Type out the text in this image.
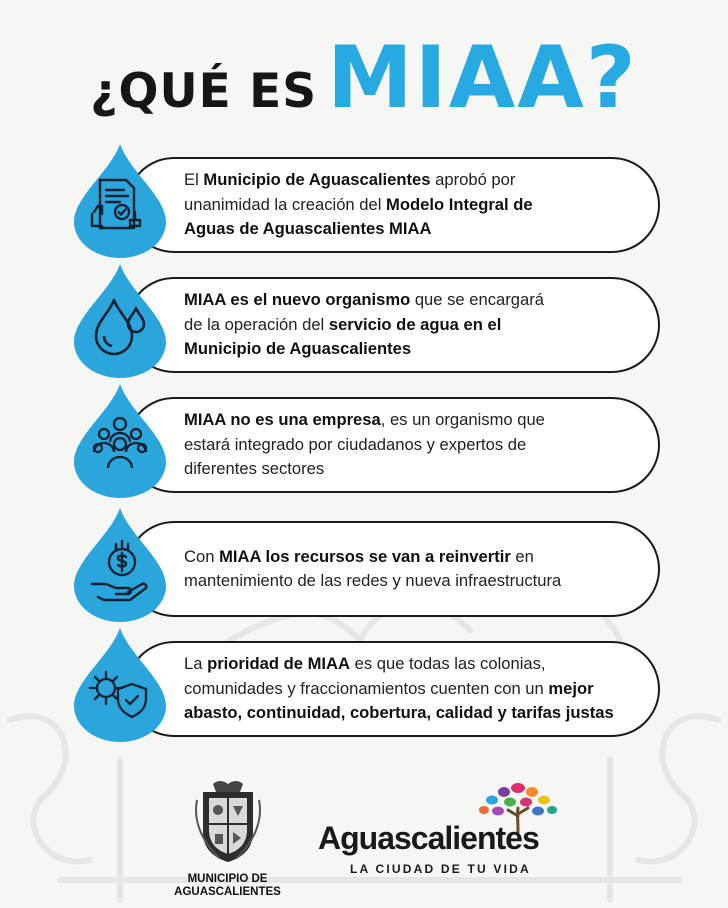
¿QUÉ ES MIAA?
El Municipio de Aguascalientes aprobó por
unanimidad la creación del Modelo Integral de
Aguas de Aguascalientes MIAA
MIAA es el nuevo organismo que se encargará
de la operación del servicio de agua en el
Municipio de Aguascalientes
MIAA no es una empresa, es un organismo que
estará integrado por ciudadanos y expertos de
diferentes sectores
Con MIAA los recursos se van a reinvertir en
mantenimiento de las redes y nueva infraestructura
La prioridad de MIAA es que todas las colonias,
comunidades y fraccionamientos cuenten con un mejor
abasto, continuidad, cobertura, calidad y tarifas justas
MUNICIPIO DE
AGUASCALIENTES
Aguascalientes
LA CIUDAD DE TU VIDA
